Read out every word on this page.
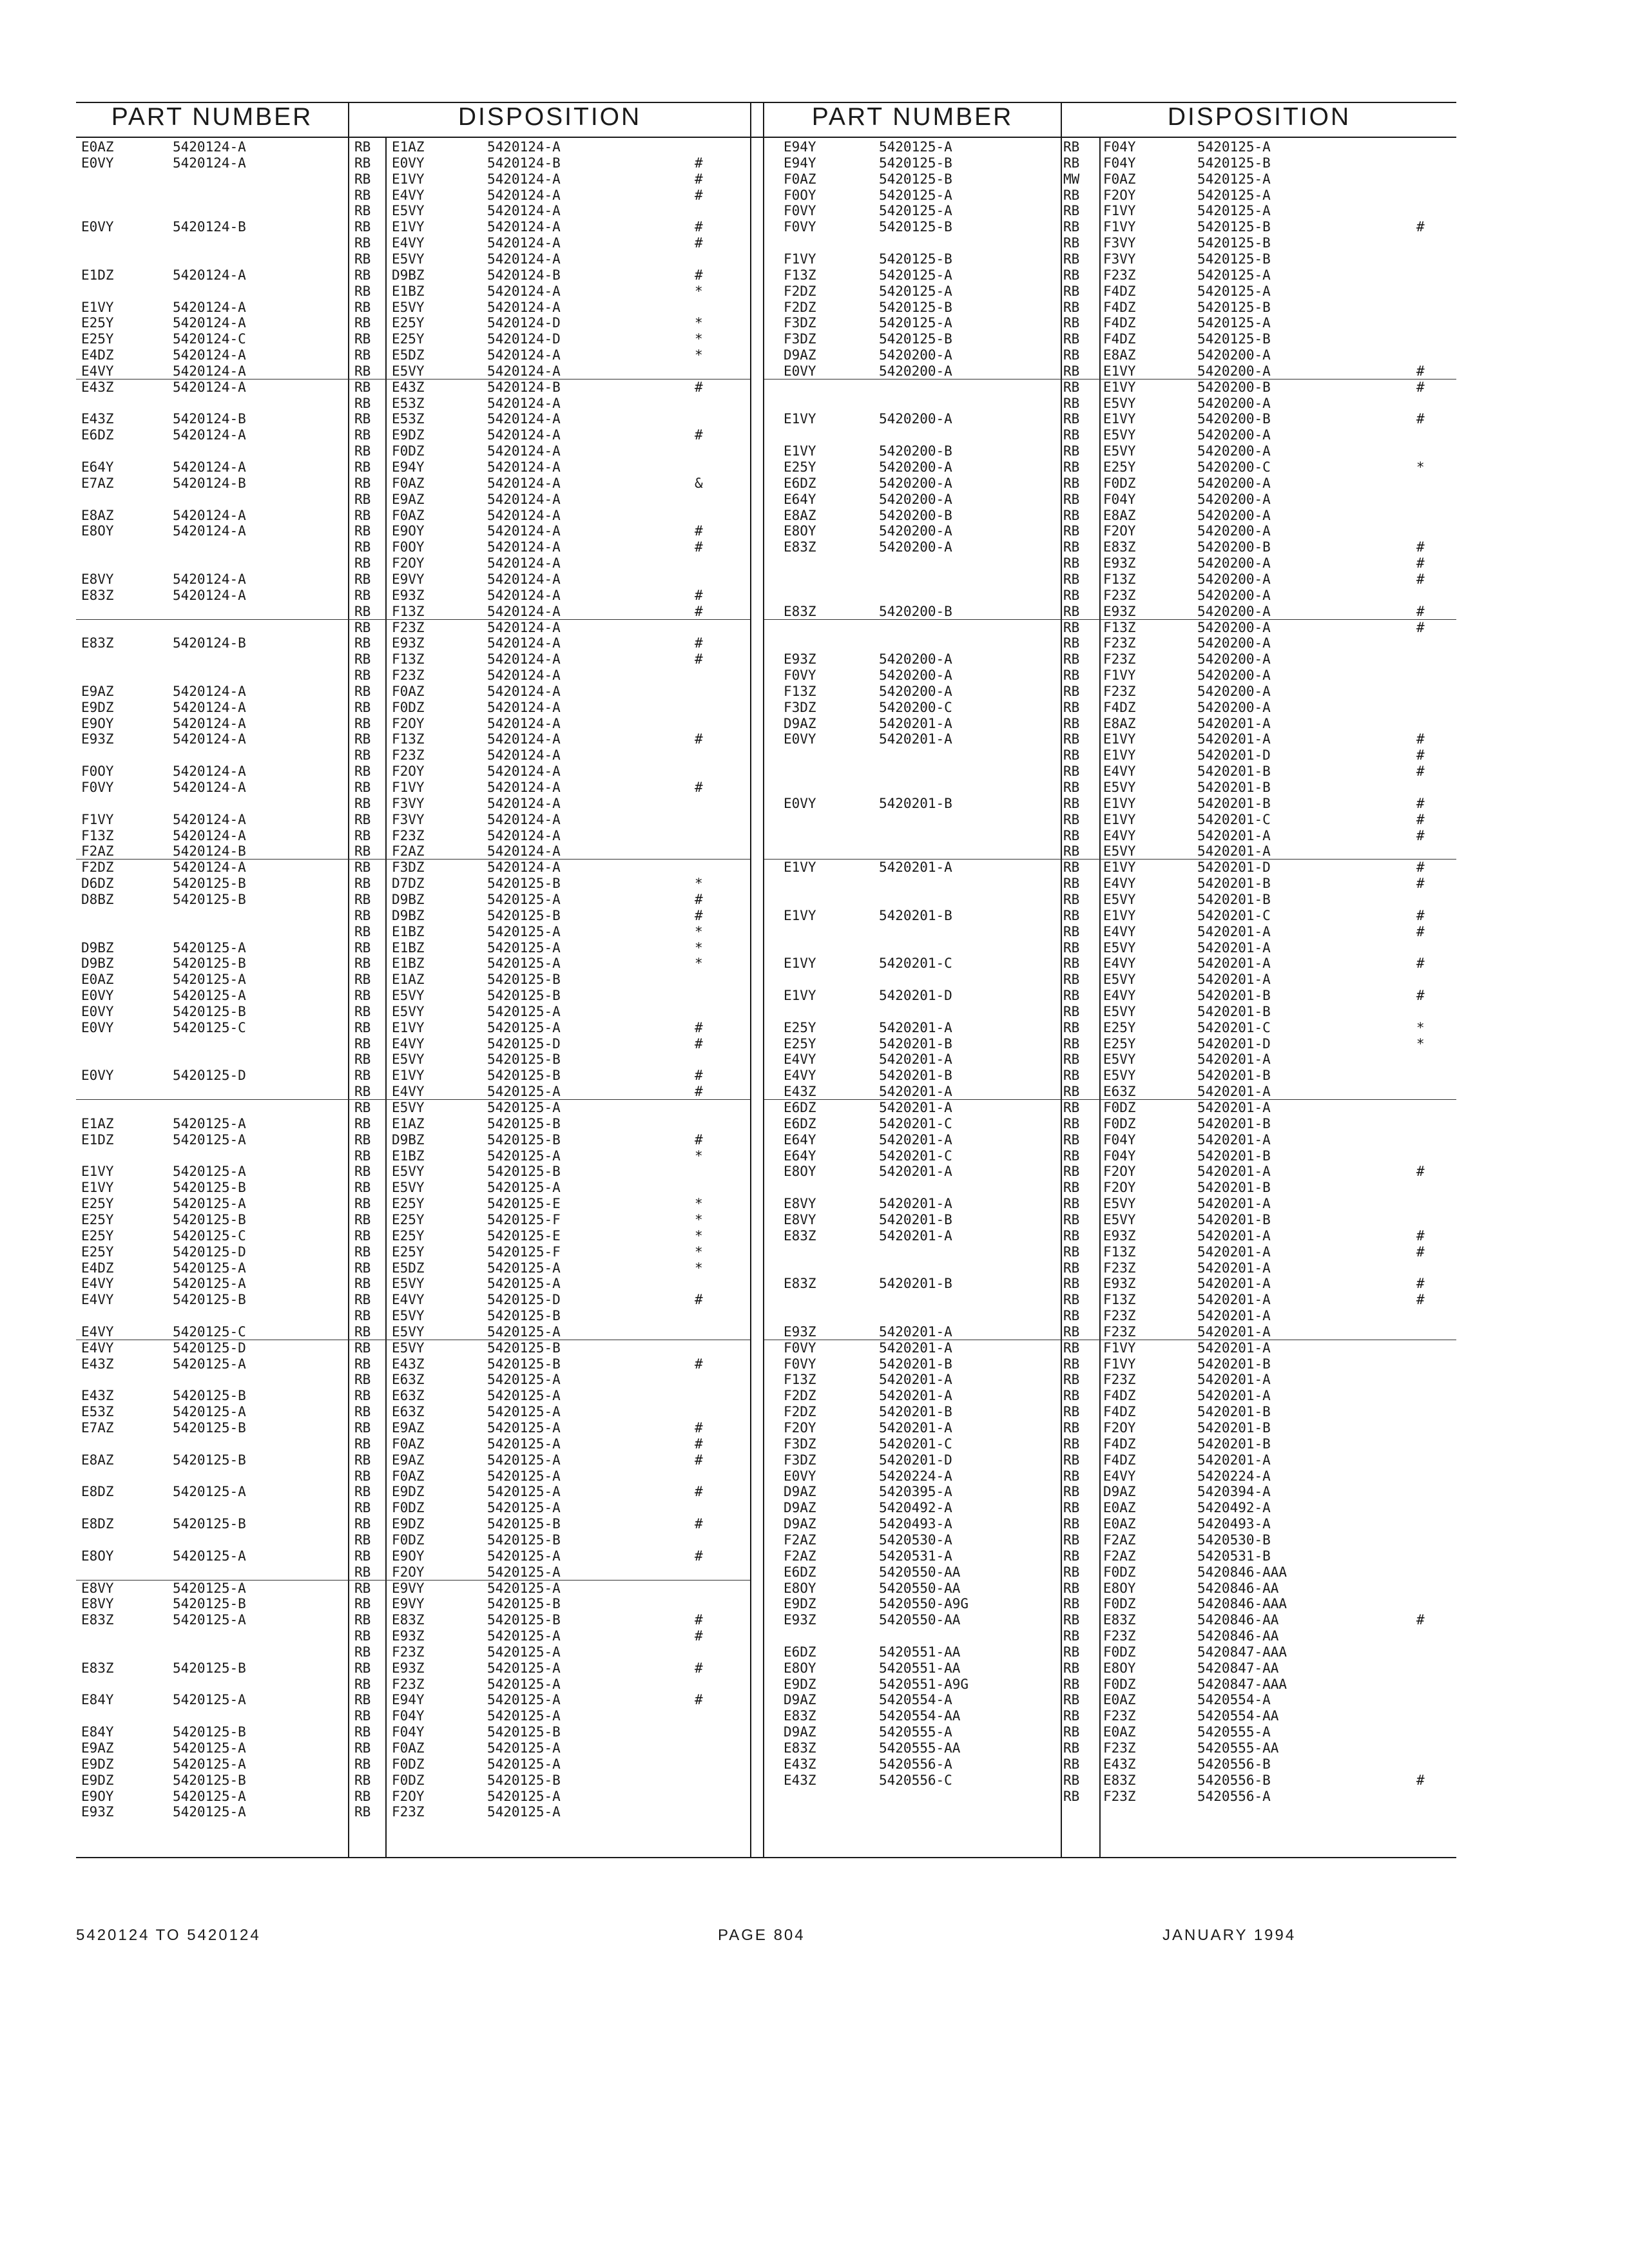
PART NUMBER	DISPOSITION	PART NUMBER	DISPOSITION
E0AZ	5420124-A	RB E1AZ	5420124-A
E0VY	5420124-A	RB E0VY	5420124-B	#
RB E1VY	5420124-A	#
RB E4VY	5420124-A	#
RB E5VY	5420124-A
E0VY	5420124-B	RB E1VY	5420124-A	#
RB E4VY	5420124-A	#
RB E5VY	5420124-A
E1DZ	5420124-A	RB D9BZ	5420124-B	#
RB E1BZ	5420124-A	*
E1VY	5420124-A	RB E5VY	5420124-A
E25Y	5420124-A	RB E25Y	5420124-D	*
E25Y	5420124-C	RB E25Y	5420124-D	*
E4DZ	5420124-A	RB E5DZ	5420124-A	*
E4VY	5420124-A	RB E5VY	5420124-A
E43Z	5420124-A	RB E43Z	5420124-B	#
RB E53Z	5420124-A
E43Z	5420124-B	RB E53Z	5420124-A
E6DZ	5420124-A	RB E9DZ	5420124-A	#
RB F0DZ	5420124-A
E64Y	5420124-A	RB E94Y	5420124-A
E7AZ	5420124-B	RB F0AZ	5420124-A	&
RB E9AZ	5420124-A
E8AZ	5420124-A	RB F0AZ	5420124-A
E8OY	5420124-A	RB E9OY	5420124-A	#
RB F0OY	5420124-A	#
RB F2OY	5420124-A
E8VY	5420124-A	RB E9VY	5420124-A
E83Z	5420124-A	RB E93Z	5420124-A	#
RB F13Z	5420124-A	#
RB F23Z	5420124-A
E83Z	5420124-B	RB E93Z	5420124-A	#
RB F13Z	5420124-A	#
RB F23Z	5420124-A
E9AZ	5420124-A	RB F0AZ	5420124-A
E9DZ	5420124-A	RB F0DZ	5420124-A
E9OY	5420124-A	RB F2OY	5420124-A
E93Z	5420124-A	RB F13Z	5420124-A	#
RB F23Z	5420124-A
F0OY	5420124-A	RB F2OY	5420124-A
F0VY	5420124-A	RB F1VY	5420124-A	#
RB F3VY	5420124-A
F1VY	5420124-A	RB F3VY	5420124-A
F13Z	5420124-A	RB F23Z	5420124-A
F2AZ	5420124-B	RB F2AZ	5420124-A
F2DZ	5420124-A	RB F3DZ	5420124-A
D6DZ	5420125-B	RB D7DZ	5420125-B	*
D8BZ	5420125-B	RB D9BZ	5420125-A	#
RB D9BZ	5420125-B	#
RB E1BZ	5420125-A	*
D9BZ	5420125-A	RB E1BZ	5420125-A	*
D9BZ	5420125-B	RB E1BZ	5420125-A	*
E0AZ	5420125-A	RB E1AZ	5420125-B
E0VY	5420125-A	RB E5VY	5420125-B
E0VY	5420125-B	RB E5VY	5420125-A
E0VY	5420125-C	RB E1VY	5420125-A	#
RB E4VY	5420125-D	#
RB E5VY	5420125-B
E0VY	5420125-D	RB E1VY	5420125-B	#
RB E4VY	5420125-A	#
RB E5VY	5420125-A
E1AZ	5420125-A	RB E1AZ	5420125-B
E1DZ	5420125-A	RB D9BZ	5420125-B	#
RB E1BZ	5420125-A	*
E1VY	5420125-A	RB E5VY	5420125-B
E1VY	5420125-B	RB E5VY	5420125-A
E25Y	5420125-A	RB E25Y	5420125-E	*
E25Y	5420125-B	RB E25Y	5420125-F	*
E25Y	5420125-C	RB E25Y	5420125-E	*
E25Y	5420125-D	RB E25Y	5420125-F	*
E4DZ	5420125-A	RB E5DZ	5420125-A	*
E4VY	5420125-A	RB E5VY	5420125-A
E4VY	5420125-B	RB E4VY	5420125-D	#
RB E5VY	5420125-B
E4VY	5420125-C	RB E5VY	5420125-A
E4VY	5420125-D	RB E5VY	5420125-B
E43Z	5420125-A	RB E43Z	5420125-B	#
RB E63Z	5420125-A
E43Z	5420125-B	RB E63Z	5420125-A
E53Z	5420125-A	RB E63Z	5420125-A
E7AZ	5420125-B	RB E9AZ	5420125-A	#
RB F0AZ	5420125-A	#
E8AZ	5420125-B	RB E9AZ	5420125-A	#
RB F0AZ	5420125-A
E8DZ	5420125-A	RB E9DZ	5420125-A	#
RB F0DZ	5420125-A
E8DZ	5420125-B	RB E9DZ	5420125-B	#
RB F0DZ	5420125-B
E8OY	5420125-A	RB E9OY	5420125-A	#
RB F2OY	5420125-A
E8VY	5420125-A	RB E9VY	5420125-A
E8VY	5420125-B	RB E9VY	5420125-B
E83Z	5420125-A	RB E83Z	5420125-B	#
RB E93Z	5420125-A	#
RB F23Z	5420125-A
E83Z	5420125-B	RB E93Z	5420125-A	#
RB F23Z	5420125-A
E84Y	5420125-A	RB E94Y	5420125-A	#
RB F04Y	5420125-A
E84Y	5420125-B	RB F04Y	5420125-B
E9AZ	5420125-A	RB F0AZ	5420125-A
E9DZ	5420125-A	RB F0DZ	5420125-A
E9DZ	5420125-B	RB F0DZ	5420125-B
E9OY	5420125-A	RB F2OY	5420125-A
E93Z	5420125-A	RB F23Z	5420125-A
E94Y	5420125-A	RB F04Y	5420125-A
E94Y	5420125-B	RB F04Y	5420125-B
F0AZ	5420125-B	MW F0AZ	5420125-A
F0OY	5420125-A	RB F2OY	5420125-A
F0VY	5420125-A	RB F1VY	5420125-A
F0VY	5420125-B	RB F1VY	5420125-B	#
RB F3VY	5420125-B
F1VY	5420125-B	RB F3VY	5420125-B
F13Z	5420125-A	RB F23Z	5420125-A
F2DZ	5420125-A	RB F4DZ	5420125-A
F2DZ	5420125-B	RB F4DZ	5420125-B
F3DZ	5420125-A	RB F4DZ	5420125-A
F3DZ	5420125-B	RB F4DZ	5420125-B
D9AZ	5420200-A	RB E8AZ	5420200-A
E0VY	5420200-A	RB E1VY	5420200-A	#
RB E1VY	5420200-B	#
RB E5VY	5420200-A
E1VY	5420200-A	RB E1VY	5420200-B	#
RB E5VY	5420200-A
E1VY	5420200-B	RB E5VY	5420200-A
E25Y	5420200-A	RB E25Y	5420200-C	*
E6DZ	5420200-A	RB F0DZ	5420200-A
E64Y	5420200-A	RB F04Y	5420200-A
E8AZ	5420200-B	RB E8AZ	5420200-A
E8OY	5420200-A	RB F2OY	5420200-A
E83Z	5420200-A	RB E83Z	5420200-B	#
RB E93Z	5420200-A	#
RB F13Z	5420200-A	#
RB F23Z	5420200-A
E83Z	5420200-B	RB E93Z	5420200-A	#
RB F13Z	5420200-A	#
RB F23Z	5420200-A
E93Z	5420200-A	RB F23Z	5420200-A
F0VY	5420200-A	RB F1VY	5420200-A
F13Z	5420200-A	RB F23Z	5420200-A
F3DZ	5420200-C	RB F4DZ	5420200-A
D9AZ	5420201-A	RB E8AZ	5420201-A
E0VY	5420201-A	RB E1VY	5420201-A	#
RB E1VY	5420201-D	#
RB E4VY	5420201-B	#
RB E5VY	5420201-B
E0VY	5420201-B	RB E1VY	5420201-B	#
RB E1VY	5420201-C	#
RB E4VY	5420201-A	#
RB E5VY	5420201-A
E1VY	5420201-A	RB E1VY	5420201-D	#
RB E4VY	5420201-B	#
RB E5VY	5420201-B
E1VY	5420201-B	RB E1VY	5420201-C	#
RB E4VY	5420201-A	#
RB E5VY	5420201-A
E1VY	5420201-C	RB E4VY	5420201-A	#
RB E5VY	5420201-A
E1VY	5420201-D	RB E4VY	5420201-B	#
RB E5VY	5420201-B
E25Y	5420201-A	RB E25Y	5420201-C	*
E25Y	5420201-B	RB E25Y	5420201-D	*
E4VY	5420201-A	RB E5VY	5420201-A
E4VY	5420201-B	RB E5VY	5420201-B
E43Z	5420201-A	RB E63Z	5420201-A
E6DZ	5420201-A	RB F0DZ	5420201-A
E6DZ	5420201-C	RB F0DZ	5420201-B
E64Y	5420201-A	RB F04Y	5420201-A
E64Y	5420201-C	RB F04Y	5420201-B
E8OY	5420201-A	RB F2OY	5420201-A	#
RB F2OY	5420201-B
E8VY	5420201-A	RB E5VY	5420201-A
E8VY	5420201-B	RB E5VY	5420201-B
E83Z	5420201-A	RB E93Z	5420201-A	#
RB F13Z	5420201-A	#
RB F23Z	5420201-A
E83Z	5420201-B	RB E93Z	5420201-A	#
RB F13Z	5420201-A	#
RB F23Z	5420201-A
E93Z	5420201-A	RB F23Z	5420201-A
F0VY	5420201-A	RB F1VY	5420201-A
F0VY	5420201-B	RB F1VY	5420201-B
F13Z	5420201-A	RB F23Z	5420201-A
F2DZ	5420201-A	RB F4DZ	5420201-A
F2DZ	5420201-B	RB F4DZ	5420201-B
F2OY	5420201-A	RB F2OY	5420201-B
F3DZ	5420201-C	RB F4DZ	5420201-B
F3DZ	5420201-D	RB F4DZ	5420201-A
E0VY	5420224-A	RB E4VY	5420224-A
D9AZ	5420395-A	RB D9AZ	5420394-A
D9AZ	5420492-A	RB E0AZ	5420492-A
D9AZ	5420493-A	RB E0AZ	5420493-A
F2AZ	5420530-A	RB F2AZ	5420530-B
F2AZ	5420531-A	RB F2AZ	5420531-B
E6DZ	5420550-AA	RB F0DZ	5420846-AAA
E8OY	5420550-AA	RB E8OY	5420846-AA
E9DZ	5420550-A9G	RB F0DZ	5420846-AAA
E93Z	5420550-AA	RB E83Z	5420846-AA	#
RB F23Z	5420846-AA
E6DZ	5420551-AA	RB F0DZ	5420847-AAA
E8OY	5420551-AA	RB E8OY	5420847-AA
E9DZ	5420551-A9G	RB F0DZ	5420847-AAA
D9AZ	5420554-A	RB E0AZ	5420554-A
E83Z	5420554-AA	RB F23Z	5420554-AA
D9AZ	5420555-A	RB E0AZ	5420555-A
E83Z	5420555-AA	RB F23Z	5420555-AA
E43Z	5420556-A	RB E43Z	5420556-B
E43Z	5420556-C	RB E83Z	5420556-B	#
RB F23Z	5420556-A
5420124 TO 5420124	PAGE 804	JANUARY 1994
